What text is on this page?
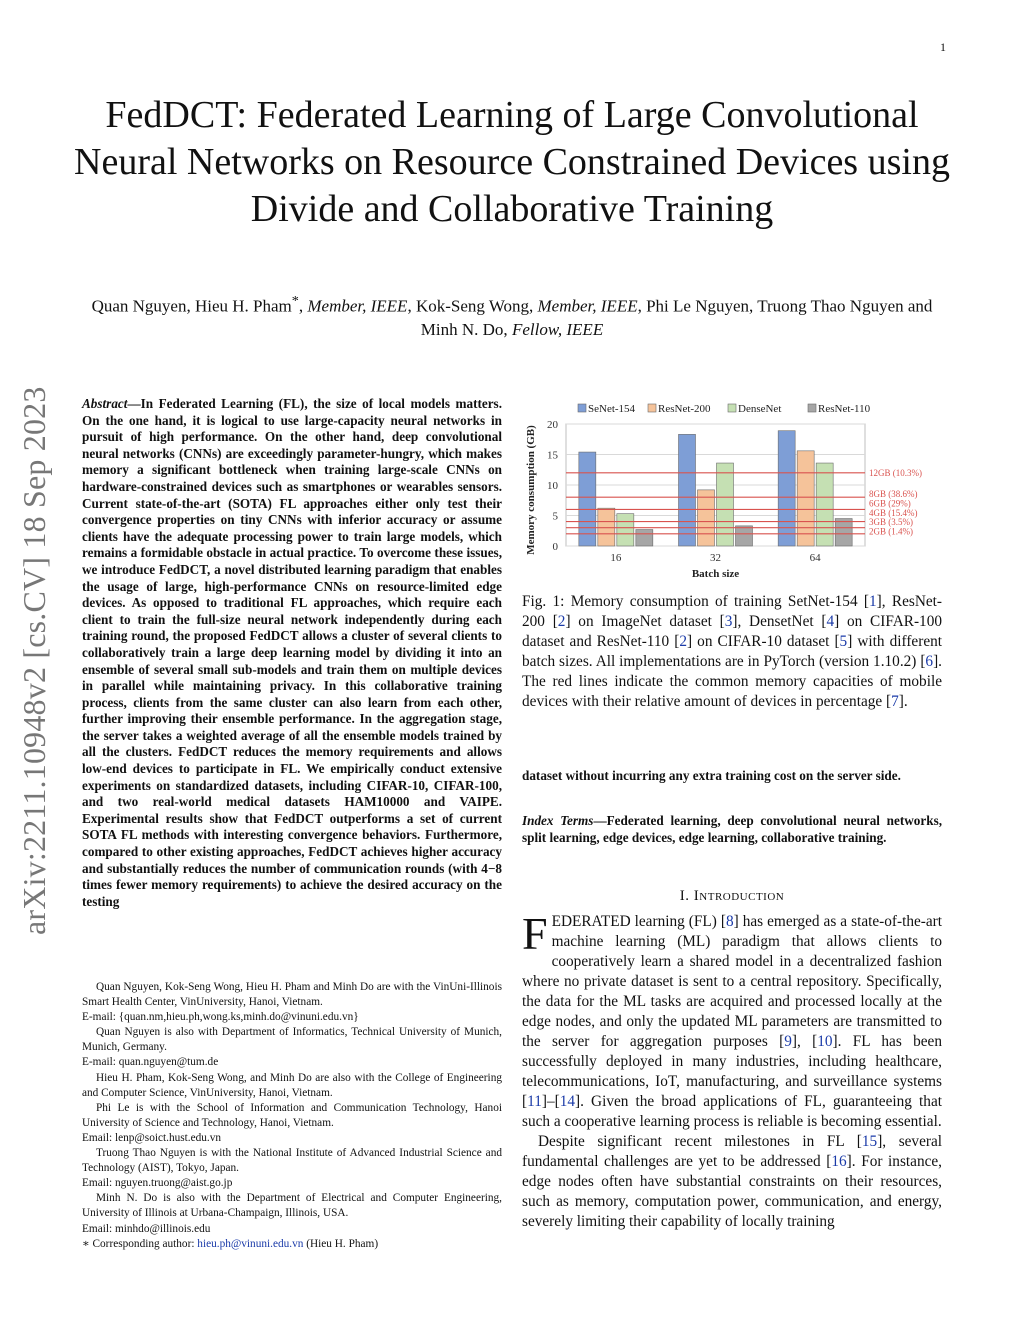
1
FedDCT: Federated Learning of Large Convolutional Neural Networks on Resource Constrained Devices using Divide and Collaborative Training
Quan Nguyen, Hieu H. Pham*, Member, IEEE, Kok-Seng Wong, Member, IEEE, Phi Le Nguyen, Truong Thao Nguyen and Minh N. Do, Fellow, IEEE
arXiv:2211.10948v2 [cs.CV] 18 Sep 2023 Abstract—In Federated Learning (FL), the size of local models matters. On the one hand, it is logical to use large-capacity neural networks in pursuit of high performance. On the other hand, deep convolutional neural networks (CNNs) are exceedingly parameter-hungry, which makes memory a significant bottleneck when training large-scale CNNs on hardware-constrained devices such as smartphones or wearables sensors. Current state-of-the-art (SOTA) FL approaches either only test their convergence properties on tiny CNNs with inferior accuracy or assume clients have the adequate processing power to train large models, which remains a formidable obstacle in actual practice. To overcome these issues, we introduce FedDCT, a novel distributed learning paradigm that enables the usage of large, high-performance CNNs on resource-limited edge devices. As opposed to traditional FL approaches, which require each client to train the full-size neural network independently during each training round, the proposed FedDCT allows a cluster of several clients to collaboratively train a large deep learning model by dividing it into an ensemble of several small sub-models and train them on multiple devices in parallel while maintaining privacy. In this collaborative training process, clients from the same cluster can also learn from each other, further improving their ensemble performance. In the aggregation stage, the server takes a weighted average of all the ensemble models trained by all the clusters. FedDCT reduces the memory requirements and allows low-end devices to participate in FL. We empirically conduct extensive experiments on standardized datasets, including CIFAR-10, CIFAR-100, and two real-world medical datasets HAM10000 and VAIPE. Experimental results show that FedDCT outperforms a set of current SOTA FL methods with interesting convergence behaviors. Furthermore, compared to other existing approaches, FedDCT achieves higher accuracy and substantially reduces the number of communication rounds (with 4−8 times fewer memory requirements) to achieve the desired accuracy on the testing

Quan Nguyen, Kok-Seng Wong, Hieu H. Pham and Minh Do are with the VinUni-Illinois Smart Health Center, VinUniversity, Hanoi, Vietnam.

E-mail: {quan.nm,hieu.ph,wong.ks,minh.do@vinuni.edu.vn}

Quan Nguyen is also with Department of Informatics, Technical University of Munich, Munich, Germany.

E-mail: quan.nguyen@tum.de

Hieu H. Pham, Kok-Seng Wong, and Minh Do are also with the College of Engineering and Computer Science, VinUniversity, Hanoi, Vietnam.

Phi Le is with the School of Information and Communication Technology, Hanoi University of Science and Technology, Hanoi, Vietnam.

Email: lenp@soict.hust.edu.vn

Truong Thao Nguyen is with the National Institute of Advanced Industrial Science and Technology (AIST), Tokyo, Japan.

Email: nguyen.truong@aist.go.jp

Minh N. Do is also with the Department of Electrical and Computer Engineering, University of Illinois at Urbana-Champaign, Illinois, USA.

Email: minhdo@illinois.edu

∗ Corresponding author: hieu.ph@vinuni.edu.vn (Hieu H. Pham)

SeNet-154 ResNet-200 DenseNet	ResNet-110
12GB (10.3%)
8GB (38.6%)
6GB (29%)
4GB (15.4%)
3GB (3.5%)
2GB (1.4%)
0
5
10
15
20
16	32	64
Batch size
Memory consumption (GB)
Fig. 1: Memory consumption of training SetNet-154 [1], ResNet-200 [2] on ImageNet dataset [3], DensetNet [4] on CIFAR-100 dataset and ResNet-110 [2] on CIFAR-10 dataset [5] with different batch sizes. All implementations are in PyTorch (version 1.10.2) [6]. The red lines indicate the common memory capacities of mobile devices with their relative amount of devices in percentage [7].
dataset without incurring any extra training cost on the server side.
Index Terms—Federated learning, deep convolutional neural networks, split learning, edge devices, edge learning, collaborative training.
I. Introduction

FEDERATED learning (FL) [8] has emerged as a state-of-the-art machine learning (ML) paradigm that allows clients to cooperatively learn a shared model in a decentralized fashion where no private dataset is sent to a central repository. Specifically, the data for the ML tasks are acquired and processed locally at the edge nodes, and only the updated ML parameters are transmitted to the server for aggregation purposes [9], [10]. FL has been successfully deployed in many industries, including healthcare, telecommunications, IoT, manufacturing, and surveillance systems [11]–[14]. Given the broad applications of FL, guaranteeing that such a cooperative learning process is reliable is becoming essential.

Despite significant recent milestones in FL [15], several fundamental challenges are yet to be addressed [16]. For instance, edge nodes often have substantial constraints on their resources, such as memory, computation power, communication, and energy, severely limiting their capability of locally training
